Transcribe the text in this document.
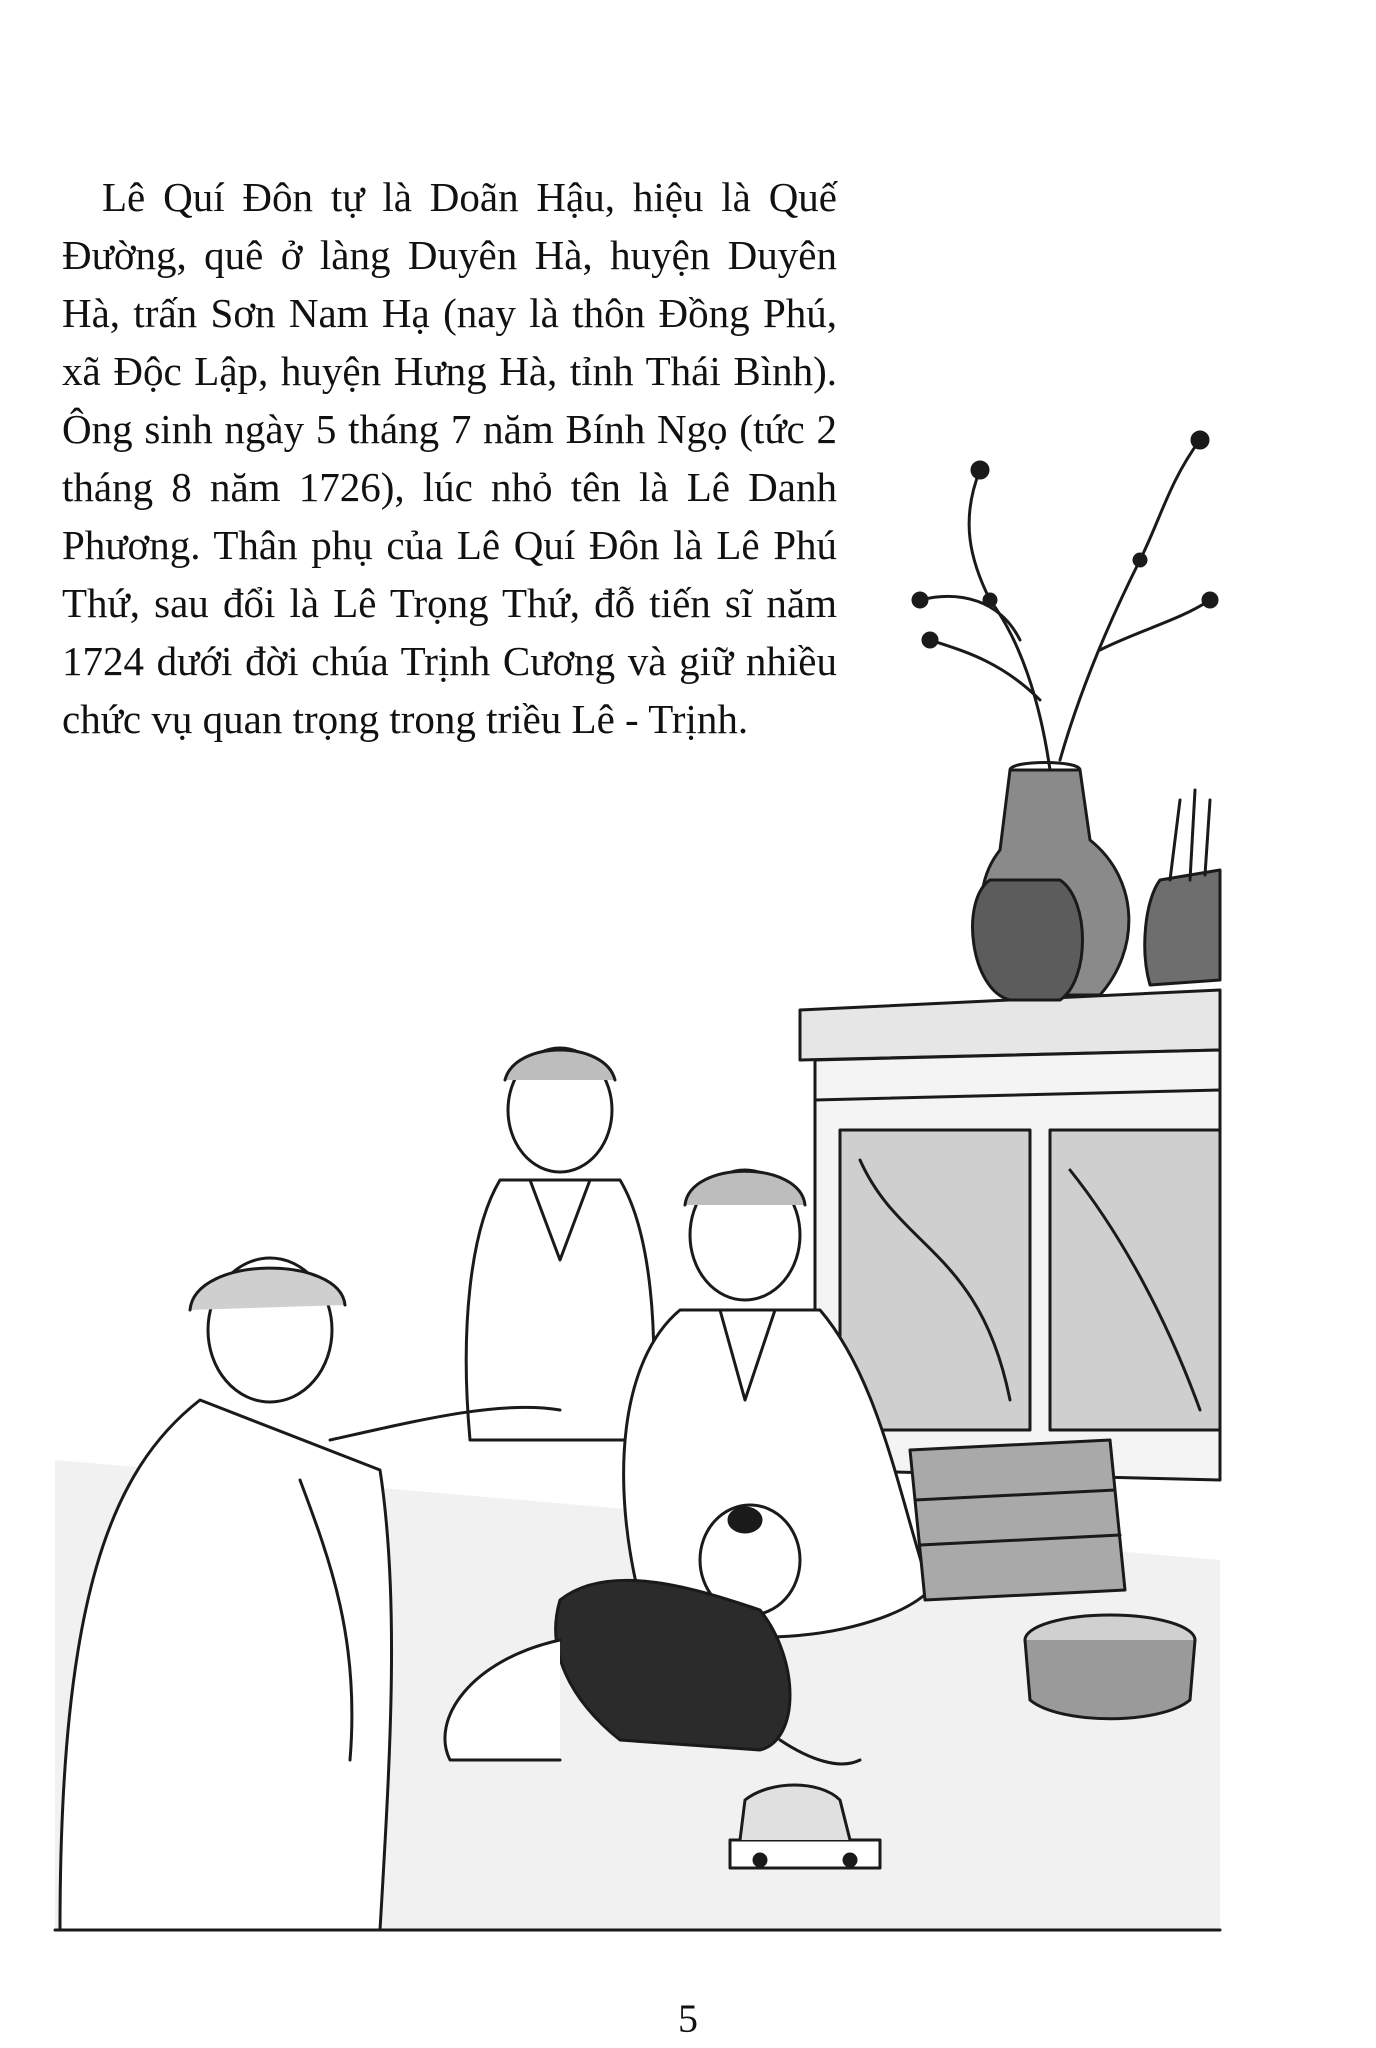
Lê Quí Đôn tự là Doãn Hậu, hiệu là Quế Đường, quê ở làng Duyên Hà, huyện Duyên Hà, trấn Sơn Nam Hạ (nay là thôn Đồng Phú, xã Độc Lập, huyện Hưng Hà, tỉnh Thái Bình). Ông sinh ngày 5 tháng 7 năm Bính Ngọ (tức 2 tháng 8 năm 1726), lúc nhỏ tên là Lê Danh Phương. Thân phụ của Lê Quí Đôn là Lê Phú Thứ, sau đổi là Lê Trọng Thứ, đỗ tiến sĩ năm 1724 dưới đời chúa Trịnh Cương và giữ nhiều chức vụ quan trọng trong triều Lê - Trịnh.

5
